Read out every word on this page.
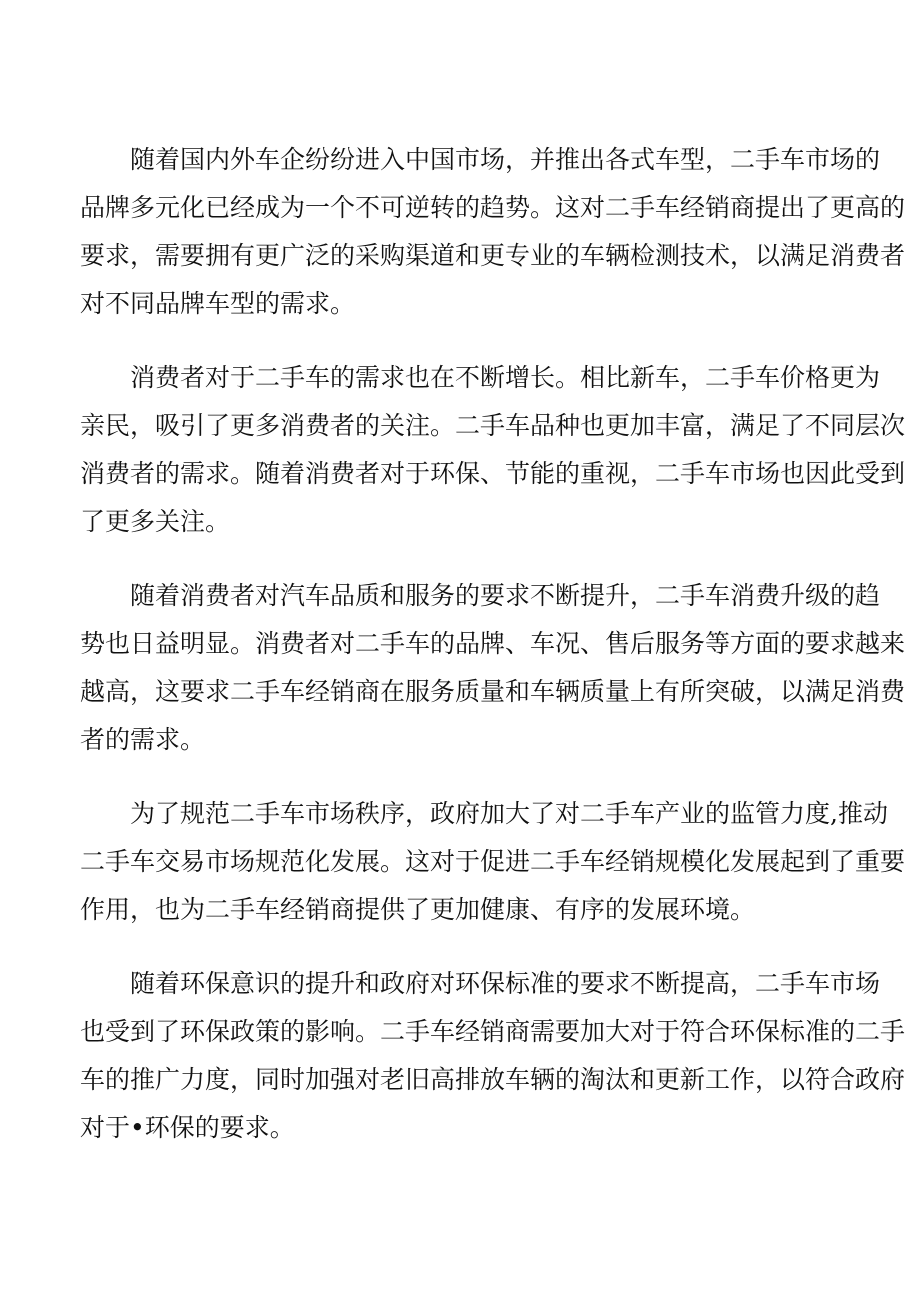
随着国内外车企纷纷进入中国市场，并推出各式车型，二手车市场的
品牌多元化已经成为一个不可逆转的趋势。这对二手车经销商提出了更高的
要求，需要拥有更广泛的采购渠道和更专业的车辆检测技术，以满足消费者
对不同品牌车型的需求。

消费者对于二手车的需求也在不断增长。相比新车，二手车价格更为
亲民，吸引了更多消费者的关注。二手车品种也更加丰富，满足了不同层次
消费者的需求。随着消费者对于环保、节能的重视，二手车市场也因此受到
了更多关注。

随着消费者对汽车品质和服务的要求不断提升，二手车消费升级的趋
势也日益明显。消费者对二手车的品牌、车况、售后服务等方面的要求越来
越高，这要求二手车经销商在服务质量和车辆质量上有所突破，以满足消费
者的需求。

为了规范二手车市场秩序，政府加大了对二手车产业的监管力度,推动
二手车交易市场规范化发展。这对于促进二手车经销规模化发展起到了重要
作用，也为二手车经销商提供了更加健康、有序的发展环境。

随着环保意识的提升和政府对环保标准的要求不断提高，二手车市场
也受到了环保政策的影响。二手车经销商需要加大对于符合环保标准的二手
车的推广力度，同时加强对老旧高排放车辆的淘汰和更新工作，以符合政府
对于•环保的要求。
